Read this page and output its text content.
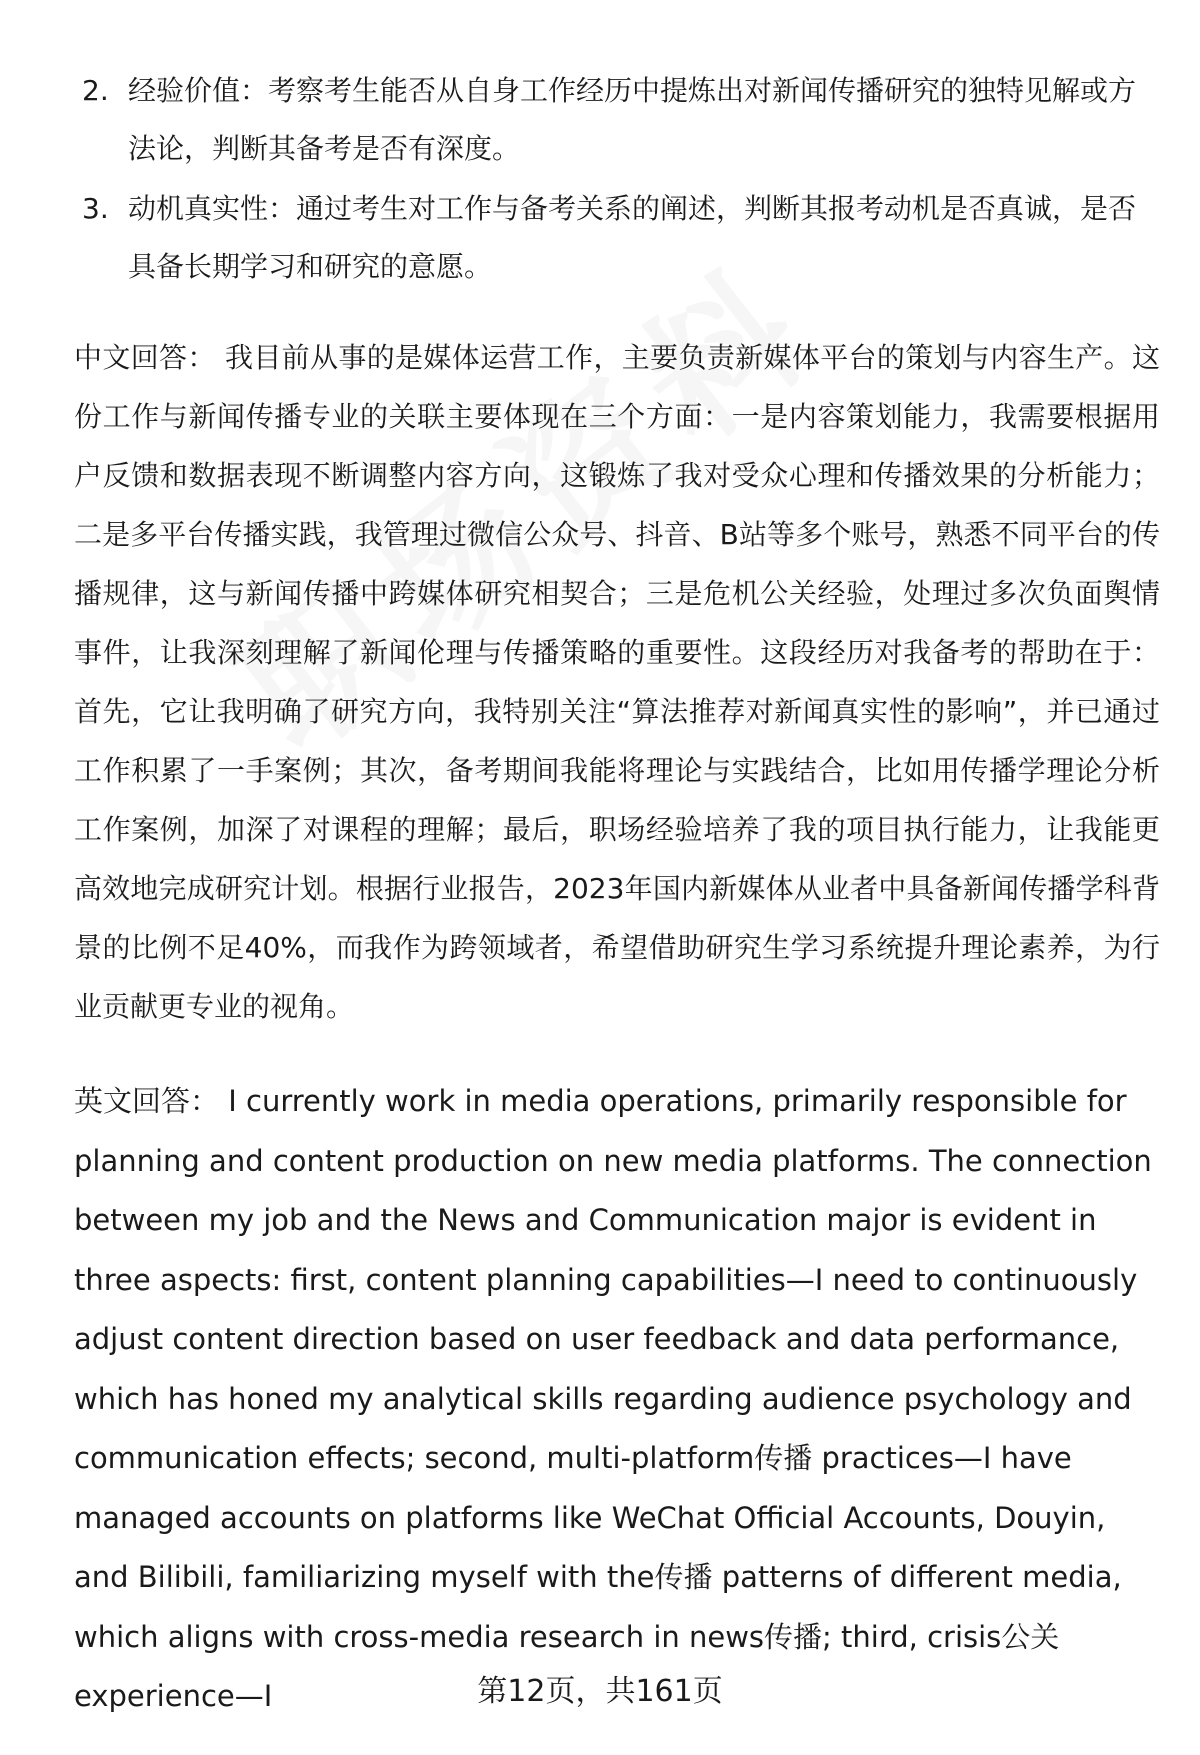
2. 经验价值：考察考生能否从自身工作经历中提炼出对新闻传播研究的独特见解或方法论，判断其备考是否有深度。
3. 动机真实性：通过考生对工作与备考关系的阐述，判断其报考动机是否真诚，是否具备长期学习和研究的意愿。
中文回答： 我目前从事的是媒体运营工作，主要负责新媒体平台的策划与内容生产。这份工作与新闻传播专业的关联主要体现在三个方面：一是内容策划能力，我需要根据用户反馈和数据表现不断调整内容方向，这锻炼了我对受众心理和传播效果的分析能力；二是多平台传播实践，我管理过微信公众号、抖音、B站等多个账号，熟悉不同平台的传播规律，这与新闻传播中跨媒体研究相契合；三是危机公关经验，处理过多次负面舆情事件，让我深刻理解了新闻伦理与传播策略的重要性。这段经历对我备考的帮助在于：首先，它让我明确了研究方向，我特别关注“算法推荐对新闻真实性的影响”，并已通过工作积累了一手案例；其次，备考期间我能将理论与实践结合，比如用传播学理论分析工作案例，加深了对课程的理解；最后，职场经验培养了我的项目执行能力，让我能更高效地完成研究计划。根据行业报告，2023年国内新媒体从业者中具备新闻传播学科背景的比例不足40%，而我作为跨领域者，希望借助研究生学习系统提升理论素养，为行业贡献更专业的视角。
英文回答： I currently work in media operations, primarily responsible for planning and content production on new media platforms. The connection between my job and the News and Communication major is evident in three aspects: first, content planning capabilities—I need to continuously adjust content direction based on user feedback and data performance, which has honed my analytical skills regarding audience psychology and communication effects; second, multi-platform传播 practices—I have managed accounts on platforms like WeChat Official Accounts, Douyin, and Bilibili, familiarizing myself with the传播 patterns of different media, which aligns with cross-media research in news传播; third, crisis公关 experience—I	第12页，共161页
